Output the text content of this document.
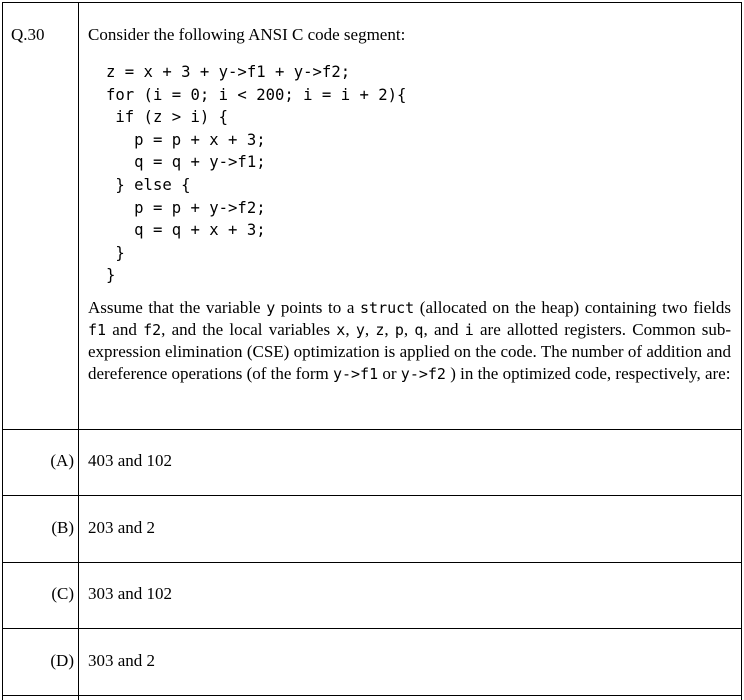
Q.30	Consider the following ANSI C code segment:
z = x + 3 + y->f1 + y->f2;
for (i = 0; i < 200; i = i + 2){
if (z > i) {
p = p + x + 3;
q = q + y->f1;
} else {
p = p + y->f2;
q = q + x + 3;
}
}

Assume that the variable y points to a struct (allocated on the heap) containing two fields f1 and f2, and the local variables x, y, z, p, q, and i are allotted registers. Common sub-expression elimination (CSE) optimization is applied on the code. The number of addition and dereference operations (of the form y->f1 or y->f2 ) in the optimized code, respectively, are:

(A) 403 and 102
(B) 203 and 2
(C) 303 and 102
(D) 303 and 2
